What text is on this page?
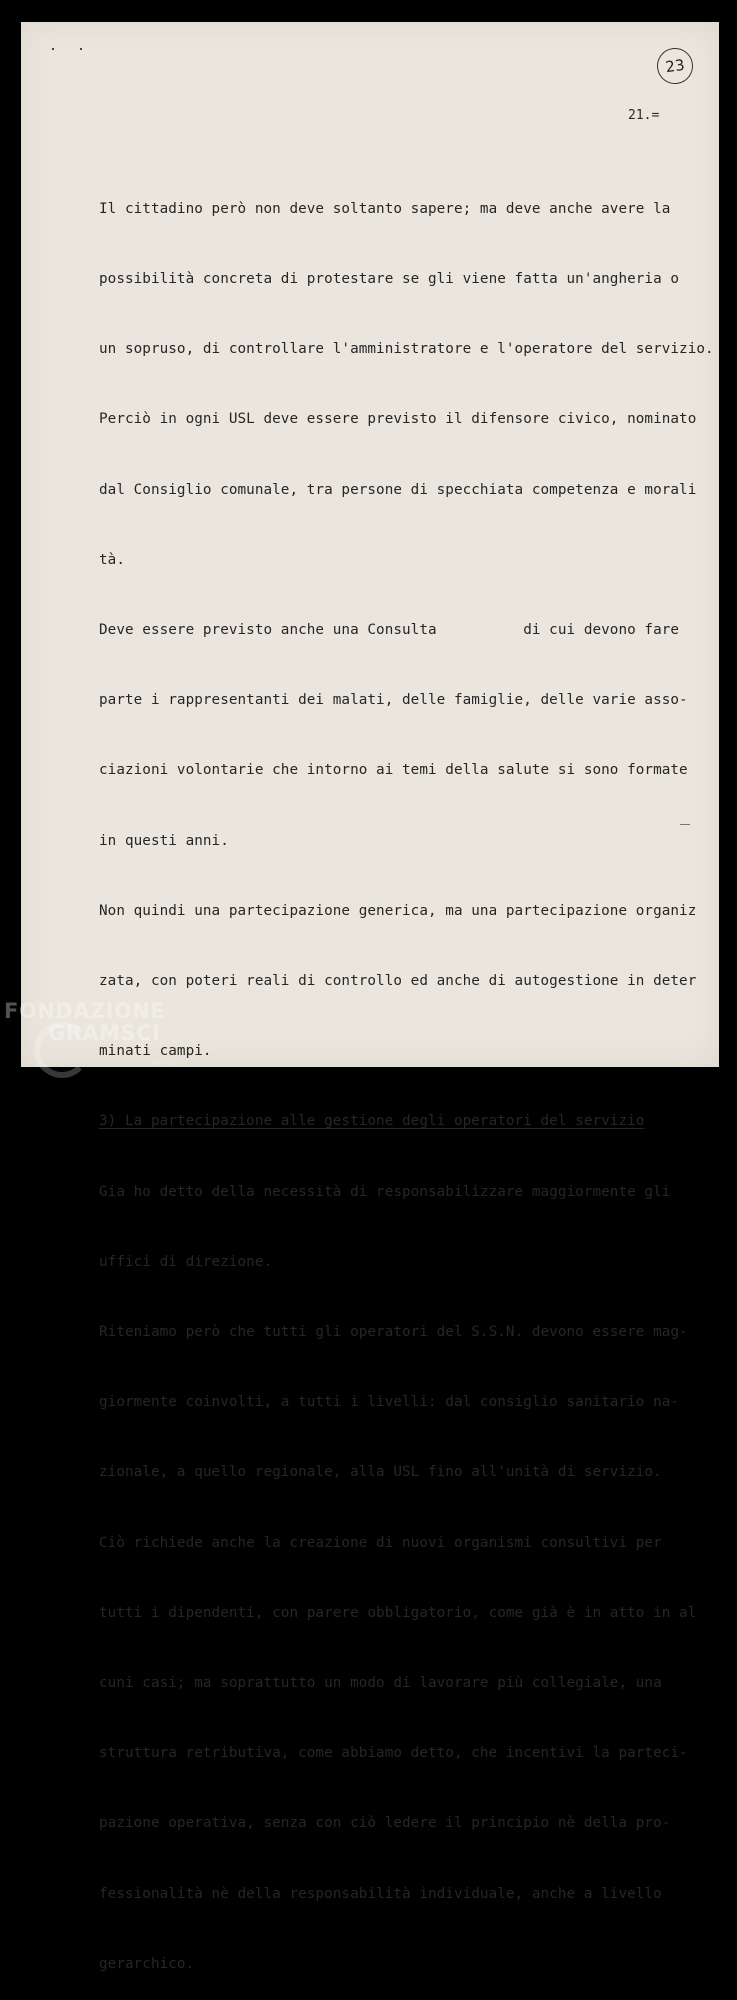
23
21.=

Il cittadino però non deve soltanto sapere; ma deve anche avere la

possibilità concreta di protestare se gli viene fatta un'angheria o

un sopruso, di controllare l'amministratore e l'operatore del servizio.

Perciò in ogni USL deve essere previsto il difensore civico, nominato

dal Consiglio comunale, tra persone di specchiata competenza e morali

tà.

Deve essere previsto anche una Consulta          di cui devono fare

parte i rappresentanti dei malati, delle famiglie, delle varie asso-

ciazioni volontarie che intorno ai temi della salute si sono formate

in questi anni.

Non quindi una partecipazione generica, ma una partecipazione organiz

zata, con poteri reali di controllo ed anche di autogestione in deter

minati campi.

3) La partecipazione alle gestione degli operatori del servizio

Gia ho detto della necessità di responsabilizzare maggiormente gli

uffici di direzione.

Riteniamo però che tutti gli operatori del S.S.N. devono essere mag-

giormente coinvolti, a tutti i livelli: dal consiglio sanitario na-

zionale, a quello regionale, alla USL fino all'unità di servizio.

Ciò richiede anche la creazione di nuovi organismi consultivi per

tutti i dipendenti, con parere obbligatorio, come già è in atto in al

cuni casi; ma soprattutto un modo di lavorare più collegiale, una

struttura retributiva, come abbiamo detto, che incentivi la parteci-

pazione operativa, senza con ciò ledere il principio nè della pro-

fessionalità nè della responsabilità individuale, anche a livello

gerarchico.

FONDAZIONE
GRAMSCI
onlus
